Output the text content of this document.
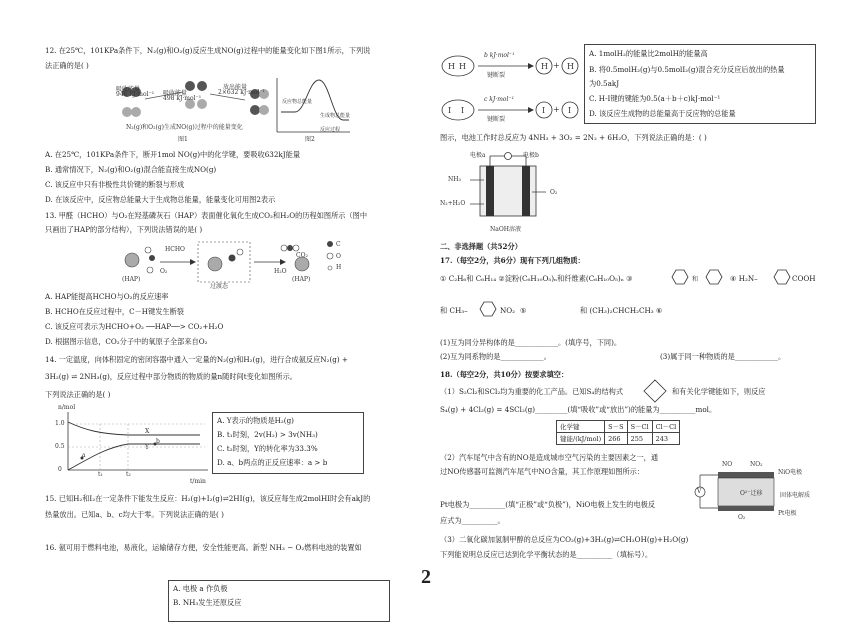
12. 在25℃，101KPa条件下，N₂(g)和O₂(g)反应生成NO(g)过程中的能量变化如下图1所示，下列说
法正确的是( )
吸收能量
946 kJ·mol⁻¹ 吸收能量
498 kJ·mol⁻¹
放出能量
2×632 kJ·mol⁻¹
N₂(g)和O₂(g)生成NO(g)过程中的能量变化
图1	图2
反应物总能量
生成物总能量
反应过程
A. 在25℃，101KPa条件下，断开1mol NO(g)中的化学键，要吸收632kJ能量
B. 通常情况下，N₂(g)和O₂(g)混合能直接生成NO(g)
C. 该反应中只有非极性共价键的断裂与形成
D. 在该反应中，反应物总能量大于生成物总能量，能量变化可用图2表示
13. 甲醛（HCHO）与O₂在羟基磷灰石（HAP）表面催化氧化生成CO₂和H₂O的历程如图所示（图中
只画出了HAP的部分结构），下列说法错误的是( )
HCHO
O₂
(HAP)
过渡态
CO₂
H₂O
(HAP)
C
O
H
A. HAP能提高HCHO与O₂的反应速率
B. HCHO在反应过程中，C－H键发生断裂
C. 该反应可表示为HCHO+O₂ ──HAP──> CO₂+H₂O
D. 根据图示信息，CO₂分子中的氧原子全部来自O₂
14. 一定温度，向体积固定的密闭容器中通入一定量的N₂(g)和H₂(g)，进行合成氨反应N₂(g) +
3H₂(g) ⇌ 2NH₃(g)，反应过程中部分物质的物质的量n随时间t变化如图所示。
下列说法正确的是( )
n/mol
1.0
0.5
0
t₁	t₂
t/min
X
Y
a
b
A. Y表示的物质是H₂(g)
B. t₁时刻，2v(H₂) > 3v(NH₃)
C. t₂时刻，Y的转化率为33.3%
D. a、b两点的正反应速率：a > b
15. 已知H₂和I₂在一定条件下能发生反应：H₂(g)+I₂(g)⇌2HI(g)，该反应每生成2molHI时会有akJ的
热量放出。已知a、b、c均大于零。下列说法正确的是( )
16. 氨可用于燃料电池，易液化，运输储存方便，安全性能更高。新型 NH₃ − O₂燃料电池的装置如
A. 电极 a 作负极
B. NH₃发生还原反应
H H	H + H
I I	I + I
b kJ·mol⁻¹
键断裂
c kJ·mol⁻¹
键断裂
A. 1molH₂的能量比2molH的能量高
B. 将0.5molH₂(g)与0.5molI₂(g)混合充分反应后放出的热量
为0.5akJ
C. H-I键的键能为0.5(a＋b＋c)kJ·mol⁻¹
D. 该反应生成物的总能量高于反应物的总能量
图示，电池工作时总反应为 4NH₃ + 3O₂ = 2N₂ + 6H₂O，下列说法正确的是：( )
电极a	电极b
NH₃
N₂+H₂O
O₂
NaOH溶液
二、非选择题（共52分）
17.（每空2分，共6分）现有下列几组物质：
① C₂H₆和 C₆H₁₄ ②淀粉(C₆H₁₀O₅)ₙ和纤维素(C₆H₁₀O₅)ₙ ③	和	④ H₂N–	COOH
和 CH₃–	NO₂ ⑤	和 (CH₃)₂CHCH₂CH₃ ⑥
(1)互为同分异构体的是____________。(填序号，下同)。
(2)互为同系物的是____________。	(3)属于同一种物质的是____________。
18.（每空2分，共10分）按要求填空：
（1）S₂Cl₂和SCl₂均为重要的化工产品。已知S₄的结构式	和有关化学键能如下，则反应
S₄(g) + 4Cl₂(g) = 4SCl₂(g)_________(填“吸收”或“放出”)的能量为__________mol。
化学键	S－S	S－Cl	Cl－Cl
键能/(kJ/mol)	266	255	243
（2）汽车尾气中含有的NO是造成城市空气污染的主要因素之一，通
过NO传感器可监测汽车尾气中NO含量，其工作原理如图所示：
NO	NO₂
NiO电极
V	O²⁻迁移	固体电解质
O₂
Pt电极
Pt电极为__________(填“正极”或“负极”)，NiO电极上发生的电极反
应式为__________。
（3）二氧化碳加氢制甲醇的总反应为CO₂(g)+3H₂(g)⇌CH₃OH(g)+H₂O(g)
下列能说明总反应已达到化学平衡状态的是__________（填标号）。
2
